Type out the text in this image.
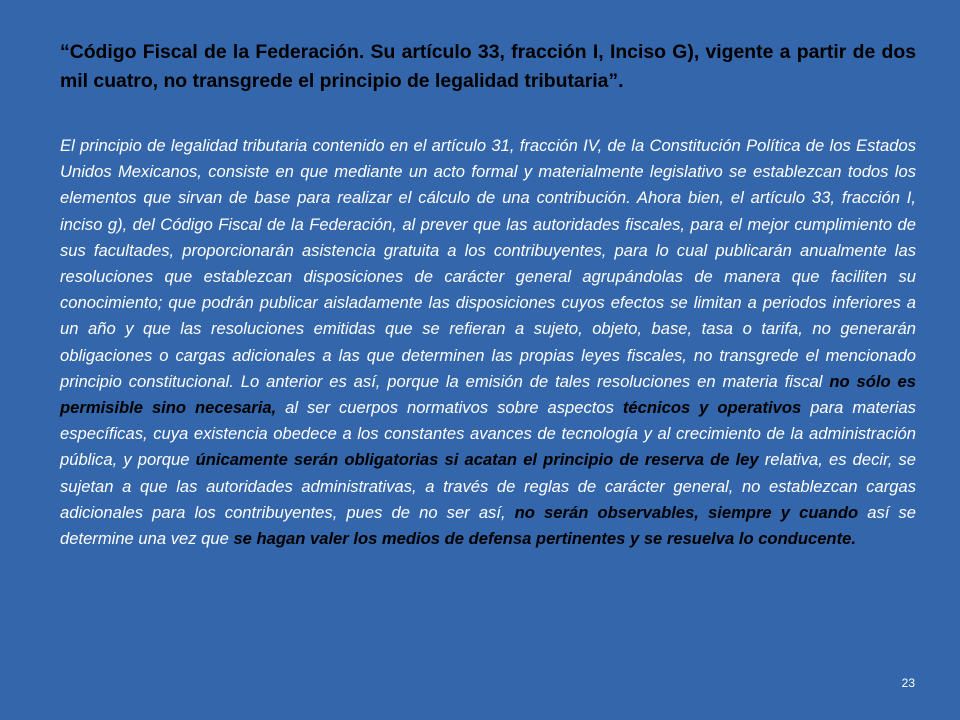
“Código Fiscal de la Federación. Su artículo 33, fracción I, Inciso G), vigente a partir de dos mil cuatro, no transgrede el principio de legalidad tributaria”.

El principio de legalidad tributaria contenido en el artículo 31, fracción IV, de la Constitución Política de los Estados Unidos Mexicanos, consiste en que mediante un acto formal y materialmente legislativo se establezcan todos los elementos que sirvan de base para realizar el cálculo de una contribución. Ahora bien, el artículo 33, fracción I, inciso g), del Código Fiscal de la Federación, al prever que las autoridades fiscales, para el mejor cumplimiento de sus facultades, proporcionarán asistencia gratuita a los contribuyentes, para lo cual publicarán anualmente las resoluciones que establezcan disposiciones de carácter general agrupándolas de manera que faciliten su conocimiento; que podrán publicar aisladamente las disposiciones cuyos efectos se limitan a periodos inferiores a un año y que las resoluciones emitidas que se refieran a sujeto, objeto, base, tasa o tarifa, no generarán obligaciones o cargas adicionales a las que determinen las propias leyes fiscales, no transgrede el mencionado principio constitucional. Lo anterior es así, porque la emisión de tales resoluciones en materia fiscal no sólo es permisible sino necesaria, al ser cuerpos normativos sobre aspectos técnicos y operativos para materias específicas, cuya existencia obedece a los constantes avances de tecnología y al crecimiento de la administración pública, y porque únicamente serán obligatorias si acatan el principio de reserva de ley relativa, es decir, se sujetan a que las autoridades administrativas, a través de reglas de carácter general, no establezcan cargas adicionales para los contribuyentes, pues de no ser así, no serán observables, siempre y cuando así se determine una vez que se hagan valer los medios de defensa pertinentes y se resuelva lo conducente.

23
